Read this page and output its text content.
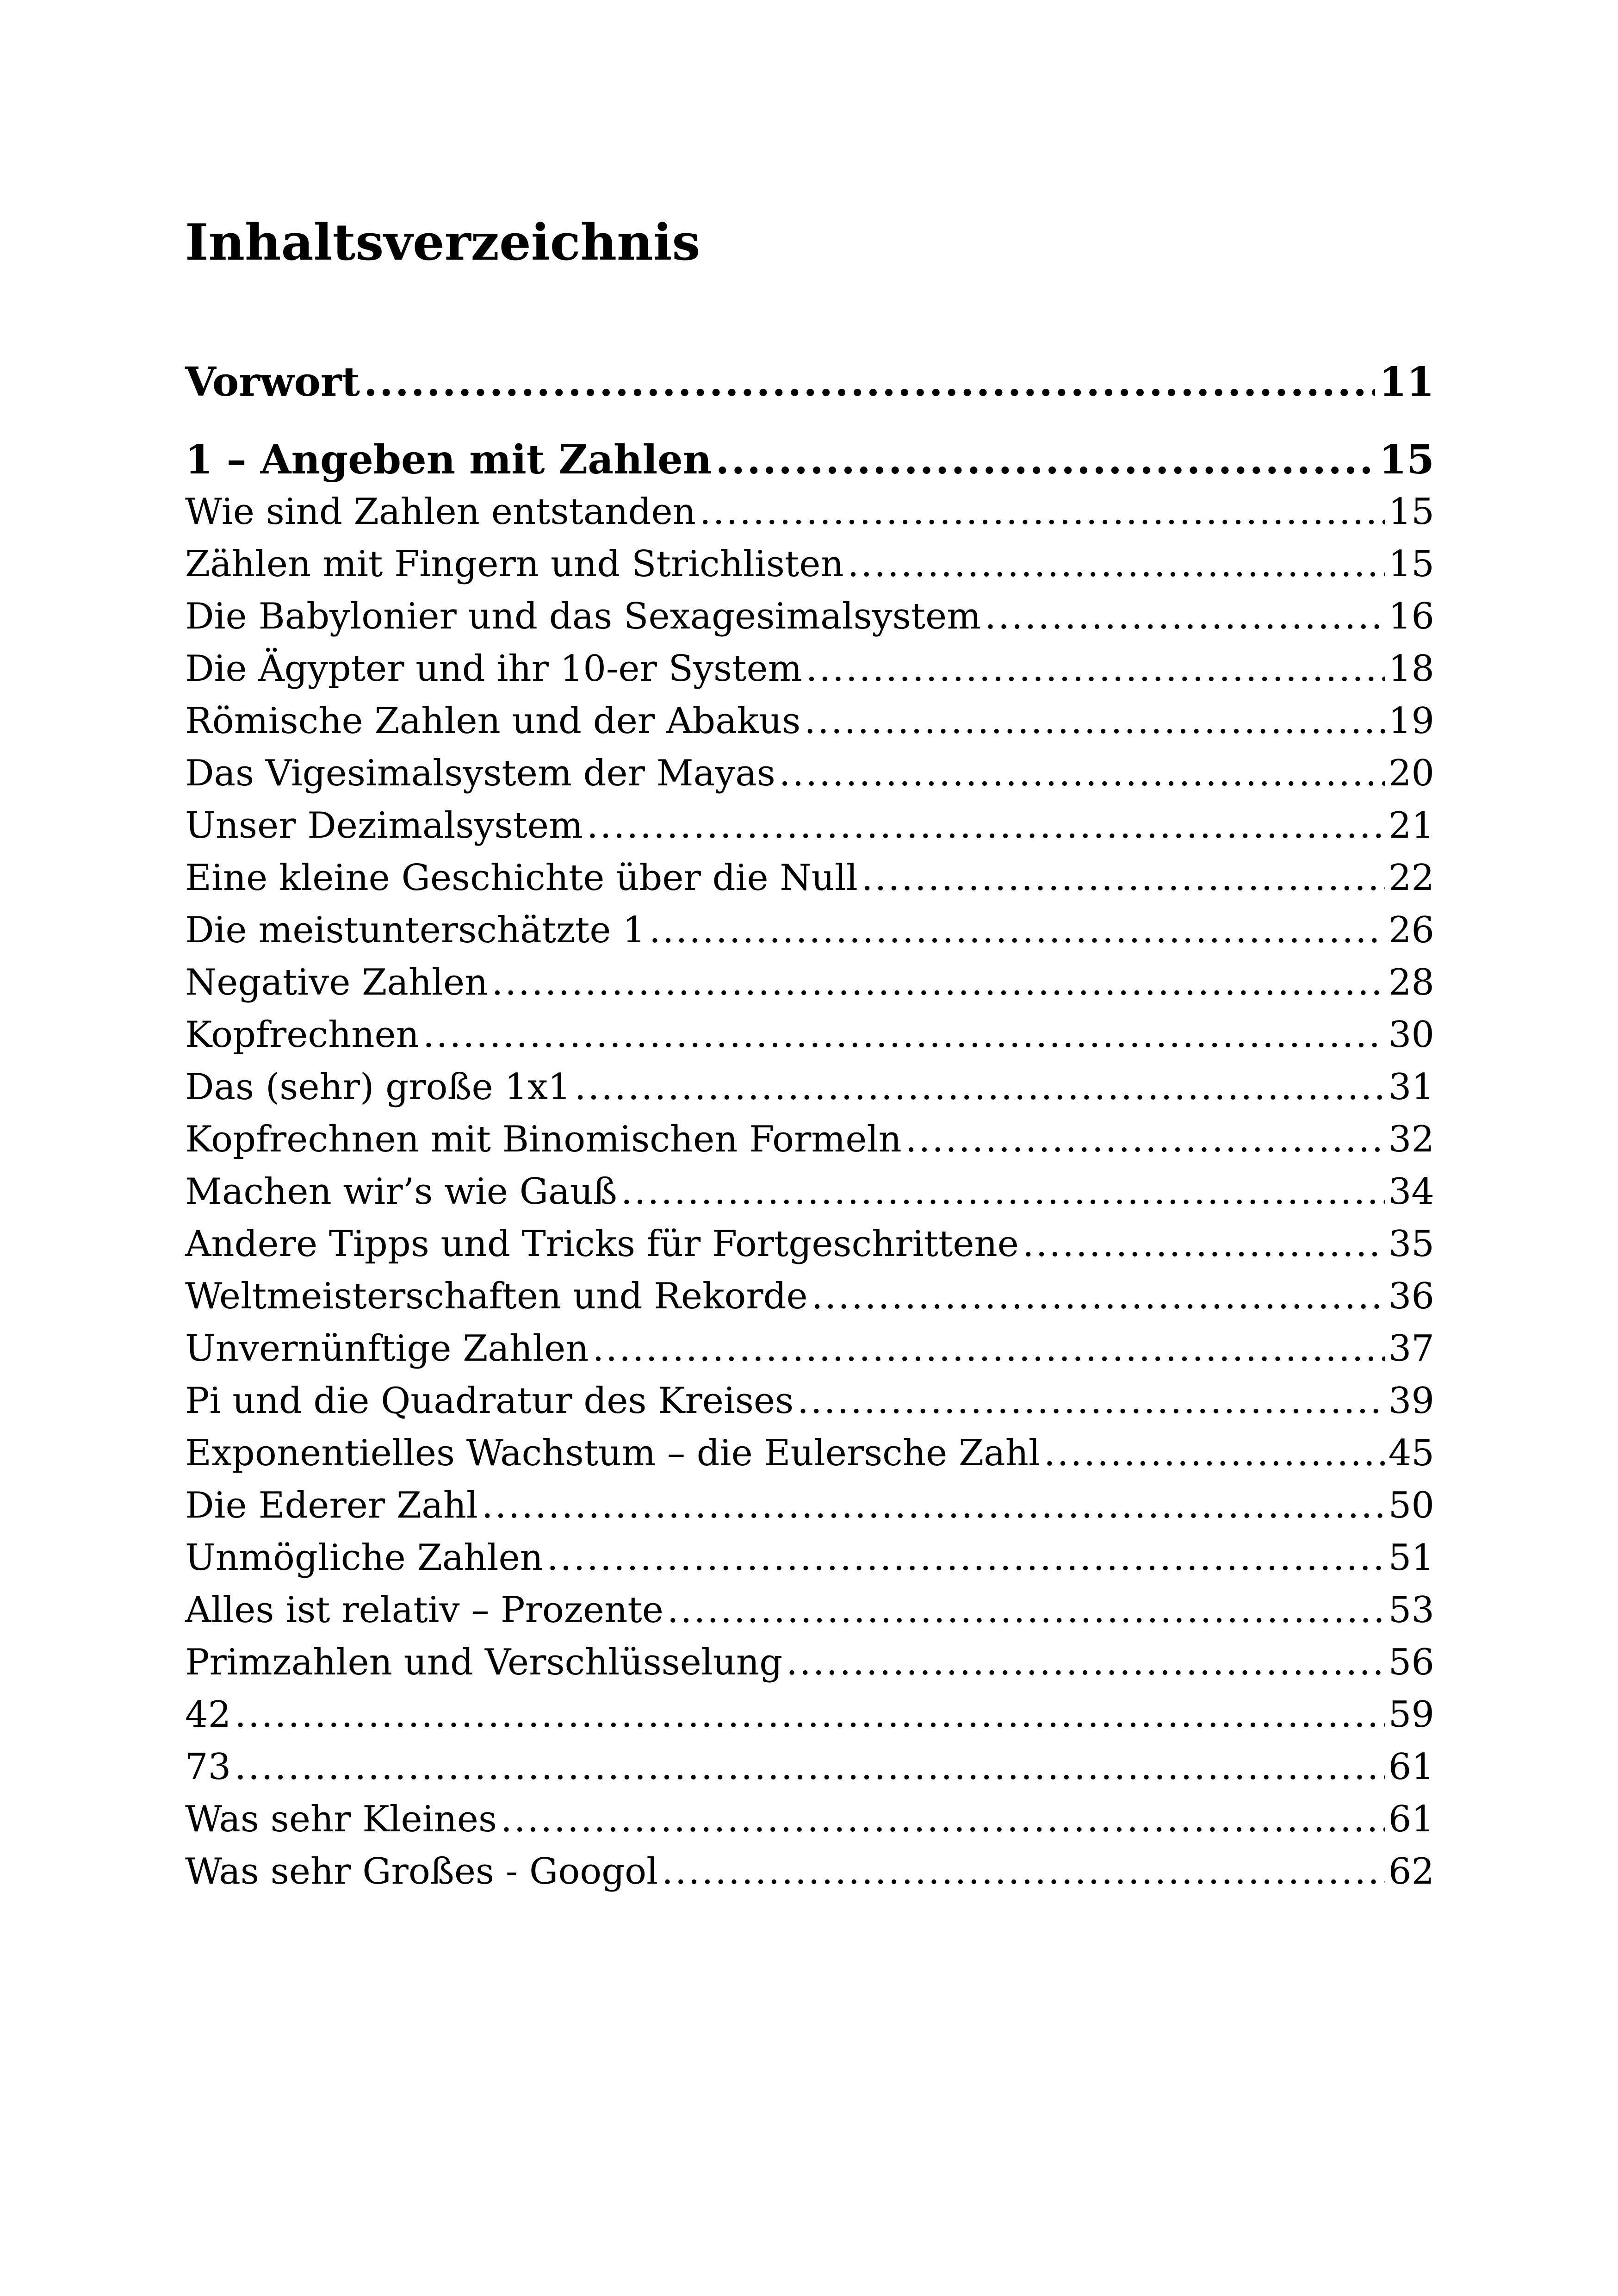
Inhaltsverzeichnis
Vorwort .....	11
1 – Angeben mit Zahlen .....	15
Wie sind Zahlen entstanden .....	15
Zählen mit Fingern und Strichlisten .....	15
Die Babylonier und das Sexagesimalsystem .....	16
Die Ägypter und ihr 10-er System .....	18
Römische Zahlen und der Abakus .....	19
Das Vigesimalsystem der Mayas .....	20
Unser Dezimalsystem .....	21
Eine kleine Geschichte über die Null .....	22
Die meistunterschätzte 1 .....	26
Negative Zahlen .....	28
Kopfrechnen .....	30
Das (sehr) große 1x1 .....	31
Kopfrechnen mit Binomischen Formeln .....	32
Machen wir’s wie Gauß .....	34
Andere Tipps und Tricks für Fortgeschrittene .....	35
Weltmeisterschaften und Rekorde .....	36
Unvernünftige Zahlen .....	37
Pi und die Quadratur des Kreises .....	39
Exponentielles Wachstum – die Eulersche Zahl .....	45
Die Ederer Zahl .....	50
Unmögliche Zahlen .....	51
Alles ist relativ – Prozente .....	53
Primzahlen und Verschlüsselung .....	56
42 .....	59
73 .....	61
Was sehr Kleines .....	61
Was sehr Großes - Googol .....	62
